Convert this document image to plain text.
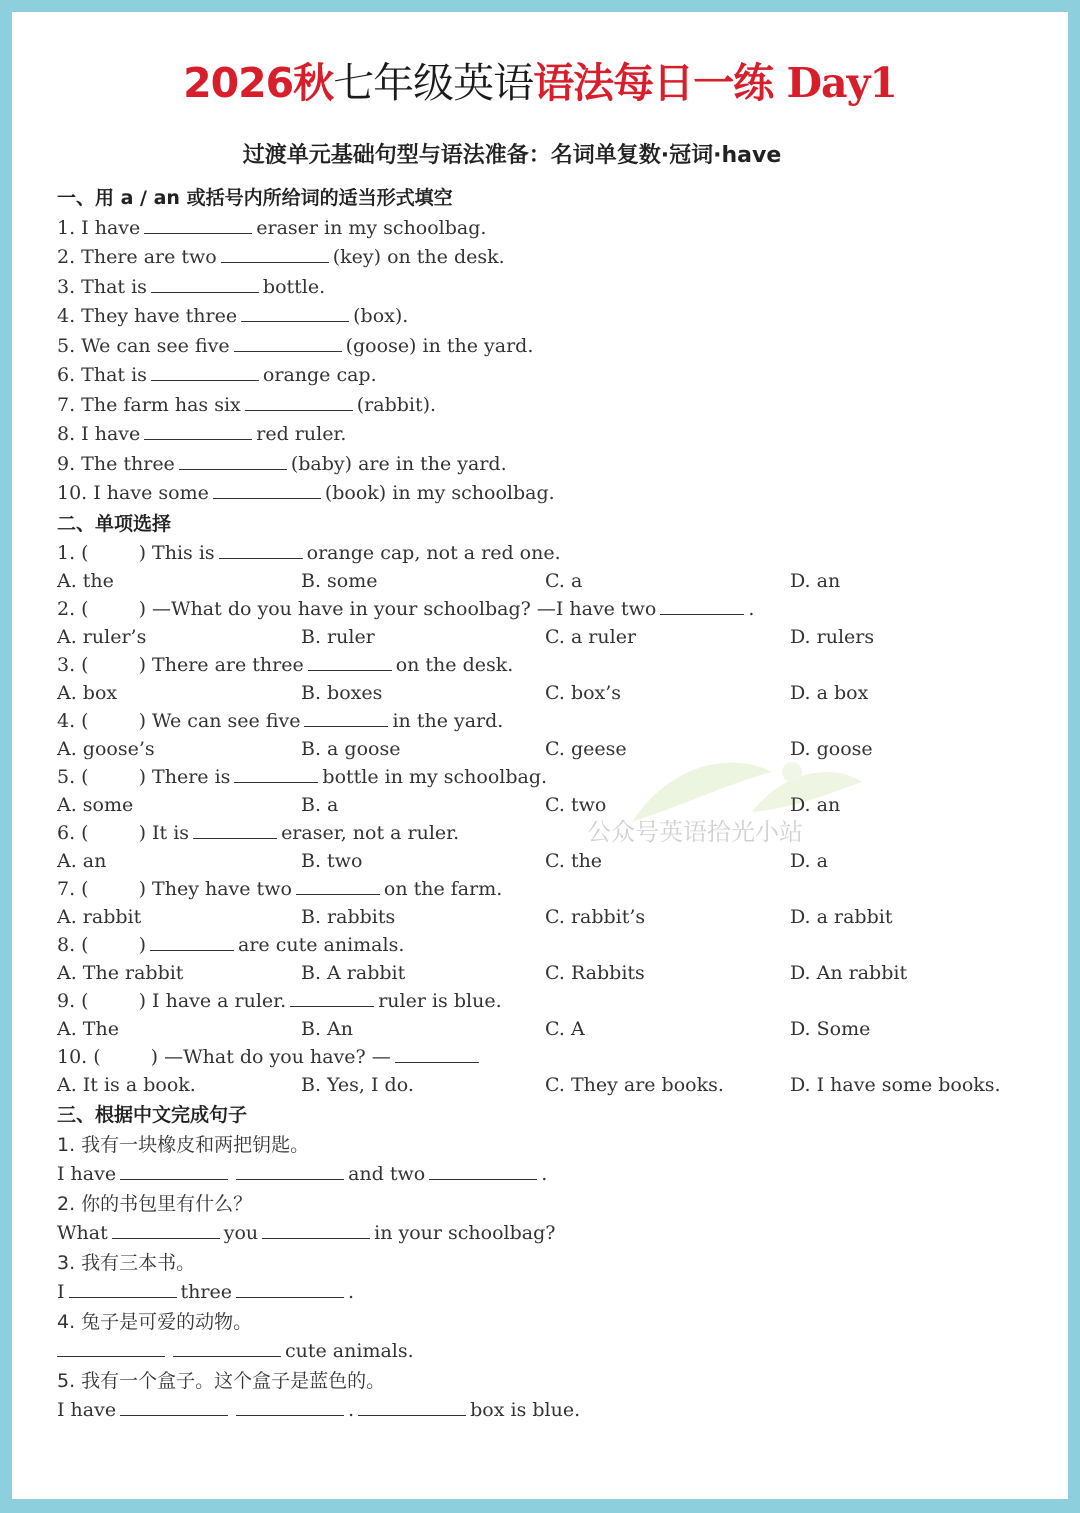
2026秋七年级英语语法每日一练 Day1
过渡单元基础句型与语法准备：名词单复数·冠词·have
公众号英语拾光小站
一、用 a / an 或括号内所给词的适当形式填空
1. I have	eraser in my schoolbag.
2. There are two	(key) on the desk.
3. That is	bottle.
4. They have three	(box).
5. We can see five	(goose) in the yard.
6. That is	orange cap.
7. The farm has six	(rabbit).
8. I have	red ruler.
9. The three	(baby) are in the yard.
10. I have some	(book) in my schoolbag.
二、单项选择
1. (	) This is	orange cap, not a red one.
A. the	B. some	C. a	D. an
2. (	) —What do you have in your schoolbag? —I have two	.
A. ruler’s	B. ruler	C. a ruler	D. rulers
3. (	) There are three	on the desk.
A. box	B. boxes	C. box’s	D. a box
4. (	) We can see five	in the yard.
A. goose’s	B. a goose	C. geese	D. goose
5. (	) There is	bottle in my schoolbag.
A. some	B. a	C. two	D. an
6. (	) It is	eraser, not a ruler.
A. an	B. two	C. the	D. a
7. (	) They have two	on the farm.
A. rabbit	B. rabbits	C. rabbit’s	D. a rabbit
8. (	)	are cute animals.
A. The rabbit	B. A rabbit	C. Rabbits	D. An rabbit
9. (	) I have a ruler.	ruler is blue.
A. The	B. An	C. A	D. Some
10. (	) —What do you have? —
A. It is a book.	B. Yes, I do.	C. They are books.	D. I have some books.
三、根据中文完成句子
1. 我有一块橡皮和两把钥匙。
I have	and two	.
2. 你的书包里有什么？
What	you	in your schoolbag?
3. 我有三本书。
I	three	.
4. 兔子是可爱的动物。
cute animals.
5. 我有一个盒子。这个盒子是蓝色的。
I have	.	box is blue.
